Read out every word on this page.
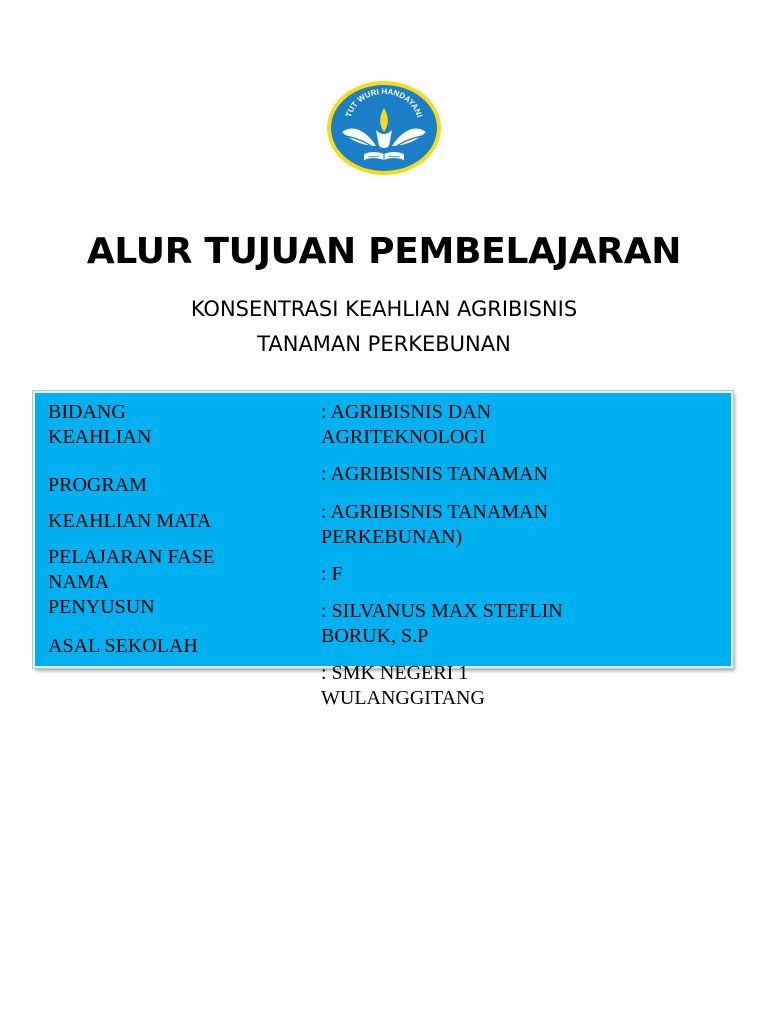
TUT WURI HANDAYANI
ALUR TUJUAN PEMBELAJARAN
KONSENTRASI KEAHLIAN AGRIBISNIS
TANAMAN PERKEBUNAN
BIDANG
KEAHLIAN
PROGRAM
KEAHLIAN MATA
PELAJARAN FASE
NAMA
PENYUSUN
ASAL SEKOLAH
: AGRIBISNIS DAN
AGRITEKNOLOGI
: AGRIBISNIS TANAMAN
: AGRIBISNIS TANAMAN
PERKEBUNAN)
: F
: SILVANUS MAX STEFLIN
BORUK, S.P
: SMK NEGERI 1
WULANGGITANG
